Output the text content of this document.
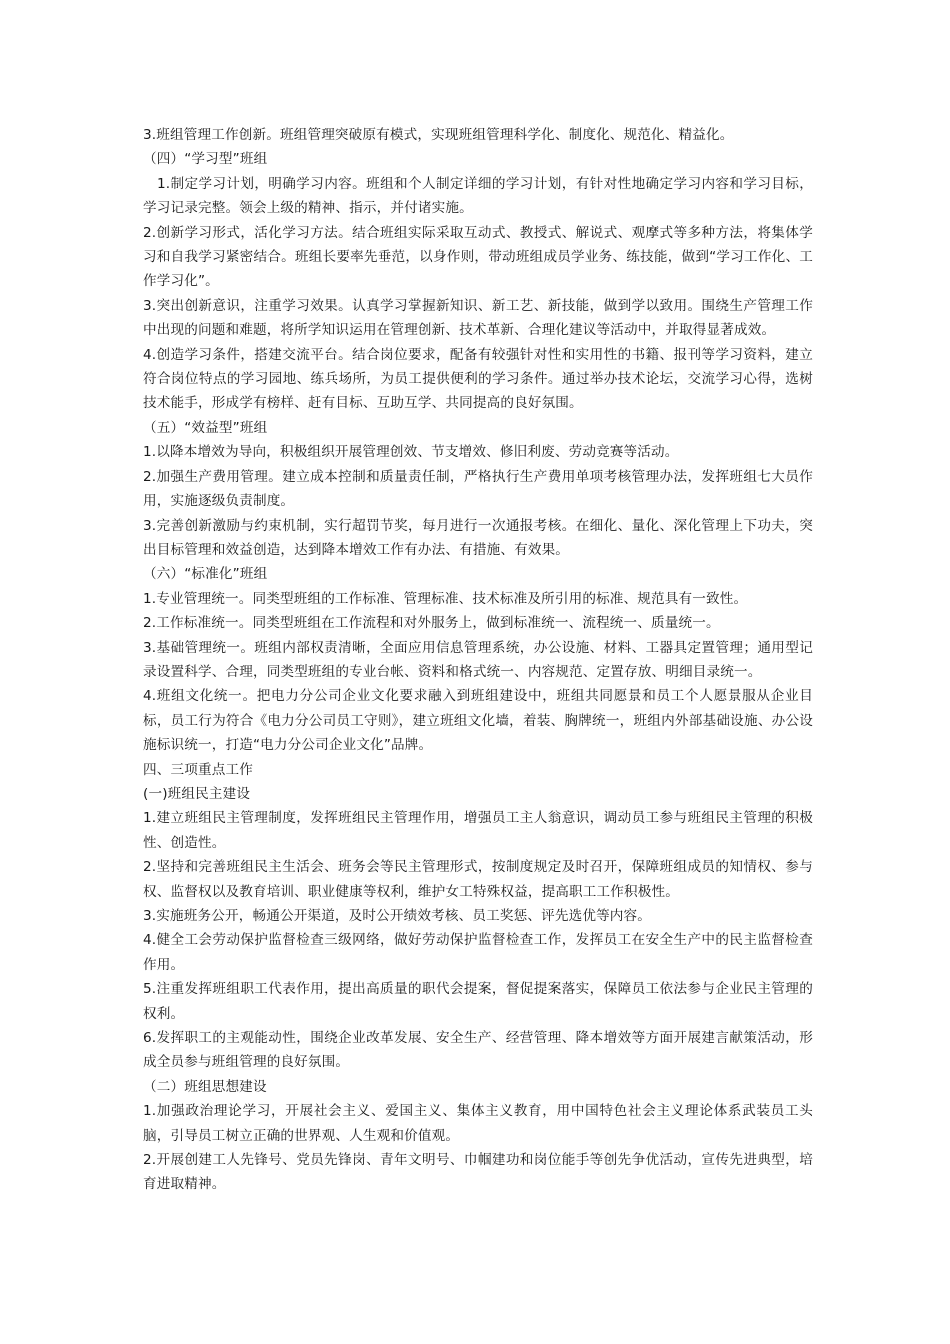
3.班组管理工作创新。班组管理突破原有模式，实现班组管理科学化、制度化、规范化、精益化。

（四）“学习型”班组

1.制定学习计划，明确学习内容。班组和个人制定详细的学习计划，有针对性地确定学习内容和学习目标，学习记录完整。领会上级的精神、指示，并付诸实施。

2.创新学习形式，活化学习方法。结合班组实际采取互动式、教授式、解说式、观摩式等多种方法，将集体学习和自我学习紧密结合。班组长要率先垂范，以身作则，带动班组成员学业务、练技能，做到“学习工作化、工作学习化”。

3.突出创新意识，注重学习效果。认真学习掌握新知识、新工艺、新技能，做到学以致用。围绕生产管理工作中出现的问题和难题，将所学知识运用在管理创新、技术革新、合理化建议等活动中，并取得显著成效。

4.创造学习条件，搭建交流平台。结合岗位要求，配备有较强针对性和实用性的书籍、报刊等学习资料，建立符合岗位特点的学习园地、练兵场所，为员工提供便利的学习条件。通过举办技术论坛，交流学习心得，选树技术能手，形成学有榜样、赶有目标、互助互学、共同提高的良好氛围。

（五）“效益型”班组

1.以降本增效为导向，积极组织开展管理创效、节支增效、修旧利废、劳动竞赛等活动。

2.加强生产费用管理。建立成本控制和质量责任制，严格执行生产费用单项考核管理办法，发挥班组七大员作用，实施逐级负责制度。

3.完善创新激励与约束机制，实行超罚节奖，每月进行一次通报考核。在细化、量化、深化管理上下功夫，突出目标管理和效益创造，达到降本增效工作有办法、有措施、有效果。

（六）“标准化”班组

1.专业管理统一。同类型班组的工作标准、管理标准、技术标准及所引用的标准、规范具有一致性。

2.工作标准统一。同类型班组在工作流程和对外服务上，做到标准统一、流程统一、质量统一。

3.基础管理统一。班组内部权责清晰，全面应用信息管理系统，办公设施、材料、工器具定置管理；通用型记录设置科学、合理，同类型班组的专业台帐、资料和格式统一、内容规范、定置存放、明细目录统一。

4.班组文化统一。把电力分公司企业文化要求融入到班组建设中，班组共同愿景和员工个人愿景服从企业目标，员工行为符合《电力分公司员工守则》，建立班组文化墙，着装、胸牌统一，班组内外部基础设施、办公设施标识统一，打造“电力分公司企业文化”品牌。

四、三项重点工作

(一)班组民主建设

1.建立班组民主管理制度，发挥班组民主管理作用，增强员工主人翁意识，调动员工参与班组民主管理的积极性、创造性。

2.坚持和完善班组民主生活会、班务会等民主管理形式，按制度规定及时召开，保障班组成员的知情权、参与权、监督权以及教育培训、职业健康等权利，维护女工特殊权益，提高职工工作积极性。

3.实施班务公开，畅通公开渠道，及时公开绩效考核、员工奖惩、评先选优等内容。

4.健全工会劳动保护监督检查三级网络，做好劳动保护监督检查工作，发挥员工在安全生产中的民主监督检查作用。

5.注重发挥班组职工代表作用，提出高质量的职代会提案，督促提案落实，保障员工依法参与企业民主管理的权利。

6.发挥职工的主观能动性，围绕企业改革发展、安全生产、经营管理、降本增效等方面开展建言献策活动，形成全员参与班组管理的良好氛围。

（二）班组思想建设

1.加强政治理论学习，开展社会主义、爱国主义、集体主义教育，用中国特色社会主义理论体系武装员工头脑，引导员工树立正确的世界观、人生观和价值观。

2.开展创建工人先锋号、党员先锋岗、青年文明号、巾帼建功和岗位能手等创先争优活动，宣传先进典型，培育进取精神。
